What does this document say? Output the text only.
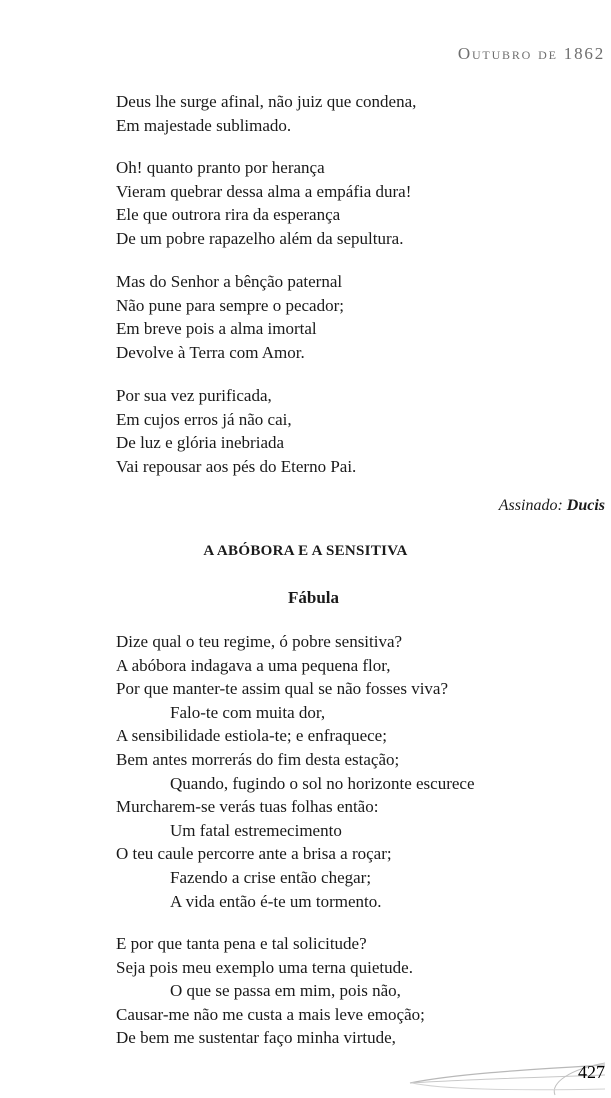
Outubro de 1862
Deus lhe surge afinal, não juiz que condena,
Em majestade sublimado.
Oh! quanto pranto por herança
Vieram quebrar dessa alma a empáfia dura!
Ele que outrora rira da esperança
De um pobre rapazelho além da sepultura.
Mas do Senhor a bênção paternal
Não pune para sempre o pecador;
Em breve pois a alma imortal
Devolve à Terra com Amor.
Por sua vez purificada,
Em cujos erros já não cai,
De luz e glória inebriada
Vai repousar aos pés do Eterno Pai.
Assinado: Ducis
A ABÓBORA E A SENSITIVA
Fábula
Dize qual o teu regime, ó pobre sensitiva?
A abóbora indagava a uma pequena flor,
Por que manter-te assim qual se não fosses viva?
Falo-te com muita dor,
A sensibilidade estiola-te; e enfraquece;
Bem antes morrerás do fim desta estação;
Quando, fugindo o sol no horizonte escurece
Murcharem-se verás tuas folhas então:
Um fatal estremecimento
O teu caule percorre ante a brisa a roçar;
Fazendo a crise então chegar;
A vida então é-te um tormento.
E por que tanta pena e tal solicitude?
Seja pois meu exemplo uma terna quietude.
O que se passa em mim, pois não,
Causar-me não me custa a mais leve emoção;
De bem me sustentar faço minha virtude,
427
